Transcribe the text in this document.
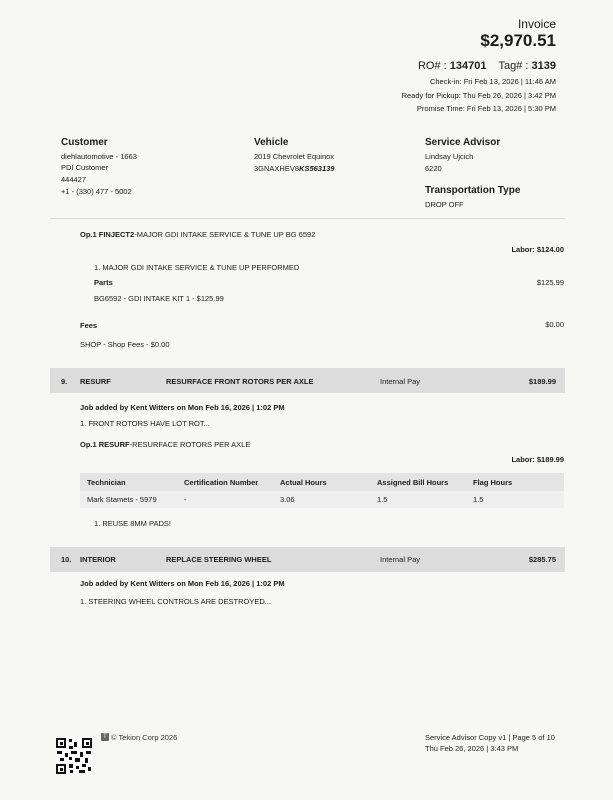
Invoice
$2,970.51
RO# : 134701 Tag# : 3139
Check-in: Fri Feb 13, 2026 | 11:46 AM
Ready for Pickup: Thu Feb 26, 2026 | 3:42 PM
Promise Time: Fri Feb 13, 2026 | 5:30 PM
Customer
diehlautomotive - 1663
PDI Customer
444427
+1 - (330) 477 - 5002
Vehicle
2019 Chevrolet Equinox
3GNAXHEV8KS563139
Service Advisor
Lindsay Ujcich
6220
Transportation Type
DROP OFF
Op.1 FINJECT2-MAJOR GDI INTAKE SERVICE & TUNE UP BG 6592
Labor: $124.00
1. MAJOR GDI INTAKE SERVICE & TUNE UP PERFORMED
Parts	$125.99
BG6592 - GDI INTAKE KIT 1 - $125.99
Fees	$0.00
SHOP - Shop Fees - $0.00
9. RESURF	RESURFACE FRONT ROTORS PER AXLE	Internal Pay	$189.99
Job added by Kent Witters on Mon Feb 16, 2026 | 1:02 PM
1. FRONT ROTORS HAVE LOT ROT...
Op.1 RESURF-RESURFACE ROTORS PER AXLE
Labor: $189.99
Technician	Certification Number	Actual Hours	Assigned Bill Hours	Flag Hours
Mark Stamets - 5979	-	3.06	1.5	1.5
1. REUSE 8MM PADS!
10. INTERIOR	REPLACE STEERING WHEEL	Internal Pay	$285.75
Job added by Kent Witters on Mon Feb 16, 2026 | 1:02 PM
1. STEERING WHEEL CONTROLS ARE DESTROYED...
T © Tekion Corp 2026	Service Advisor Copy v1 | Page 5 of 10
Thu Feb 26, 2026 | 3:43 PM
